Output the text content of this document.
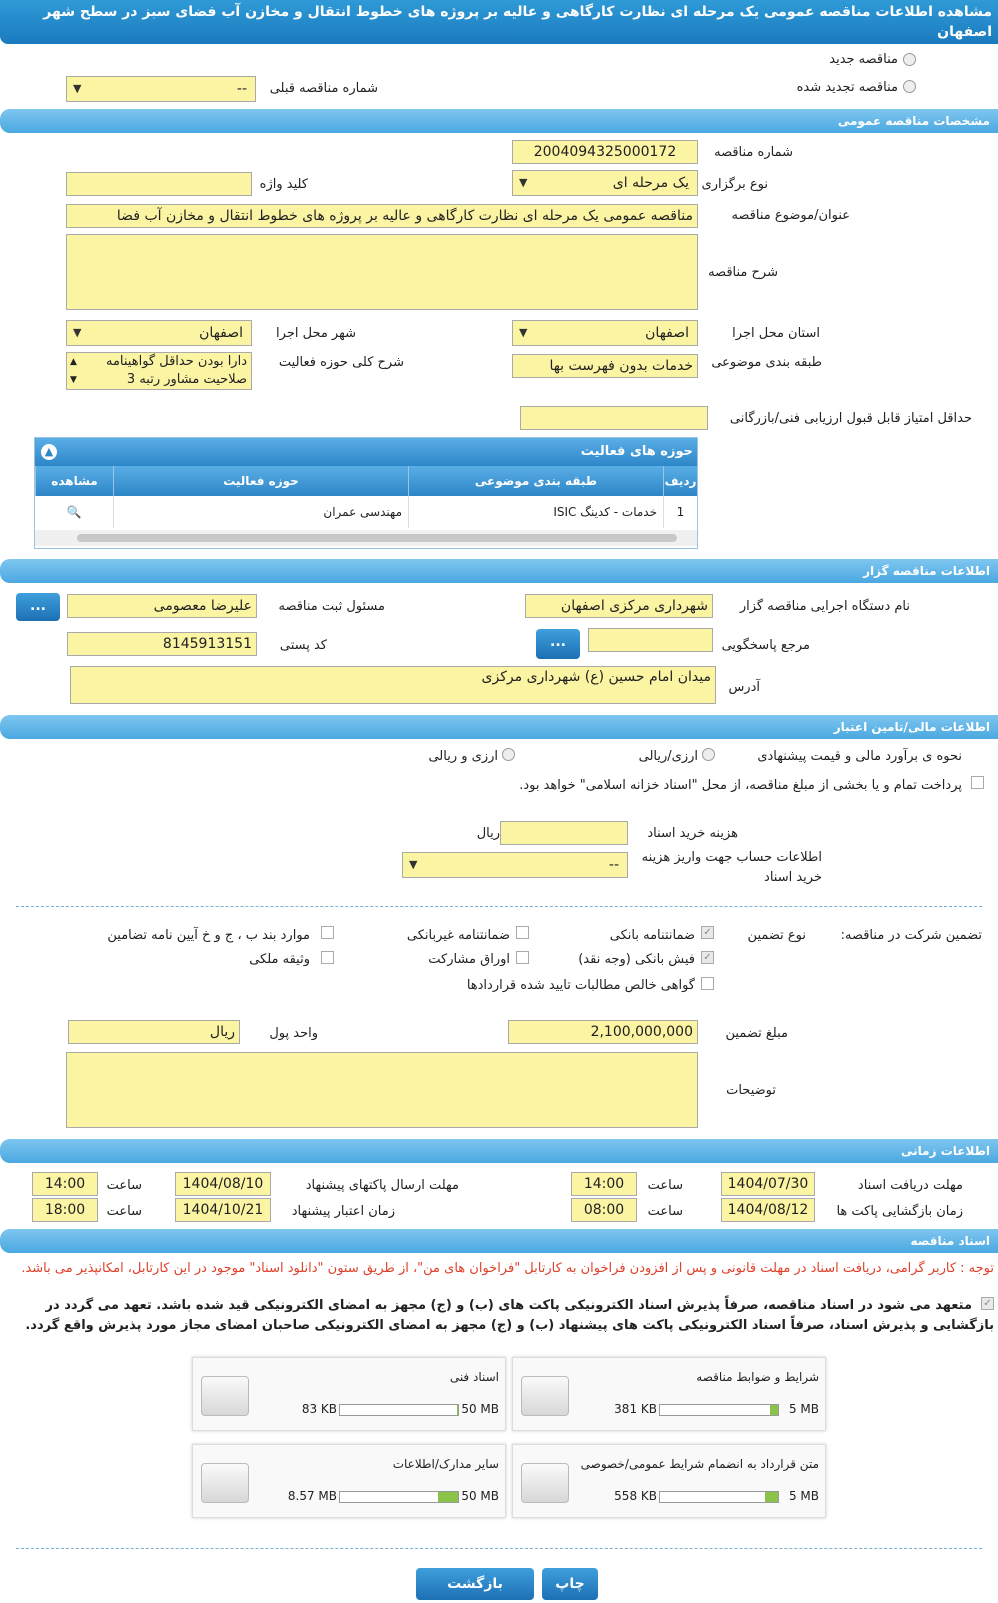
مشاهده اطلاعات مناقصه عمومی یک مرحله ای نظارت کارگاهی و عالیه بر پروژه های خطوط انتقال و مخازن آب فضای سبز در سطح شهر اصفهان
مناقصه جدید
مناقصه تجدید شده
شماره مناقصه قبلی
--
▼
مشخصات مناقصه عمومی
شماره مناقصه
2004094325000172
نوع برگزاری
یک مرحله ای
▼
کلید واژه
عنوان/موضوع مناقصه
مناقصه عمومی یک مرحله ای نظارت کارگاهی و عالیه بر پروژه های خطوط انتقال و مخازن آب فضا
شرح مناقصه
استان محل اجرا
اصفهان
▼
شهر محل اجرا
اصفهان
▼
طبقه بندی موضوعی
خدمات بدون فهرست بها
شرح کلی حوزه فعالیت
دارا بودن حداقل گواهینامه صلاحیت مشاور رتبه 3
▲
▼
حداقل امتیاز قابل قبول ارزیابی فنی/بازرگانی
حوزه های فعالیت
▲
ردیف
طبقه بندی موضوعی
حوزه فعالیت
مشاهده
1
خدمات - کدینگ ISIC
مهندسی عمران
🔍
اطلاعات مناقصه گزار
نام دستگاه اجرایی مناقصه گزار
شهرداری مرکزی اصفهان
مسئول ثبت مناقصه
علیرضا معصومی
...
مرجع پاسخگویی
...
کد پستی
8145913151
آدرس
میدان امام حسین (ع) شهرداری مرکزی
اطلاعات مالی/تامین اعتبار
نحوه ی برآورد مالی و قیمت پیشنهادی
ارزی/ریالی
ارزی و ریالی
پرداخت تمام و یا بخشی از مبلغ مناقصه، از محل "اسناد خزانه اسلامی" خواهد بود.
هزینه خرید اسناد
ریال
اطلاعات حساب جهت واریز هزینه خرید اسناد
--
▼
تضمین شرکت در مناقصه:
نوع تضمین
✓
ضمانتنامه بانکی
ضمانتنامه غیربانکی
موارد بند ب ، ج و خ آیین نامه تضامین
✓
فیش بانکی (وجه نقد)
اوراق مشارکت
وثیقه ملکی
گواهی خالص مطالبات تایید شده قراردادها
مبلغ تضمین
2,100,000,000
واحد پول
ریال
توضیحات
اطلاعات زمانی
مهلت دریافت اسناد
1404/07/30
ساعت
14:00
مهلت ارسال پاکتهای پیشنهاد
1404/08/10
ساعت
14:00
زمان بازگشایی پاکت ها
1404/08/12
ساعت
08:00
زمان اعتبار پیشنهاد
1404/10/21
ساعت
18:00
اسناد مناقصه
توجه : کاربر گرامی، دریافت اسناد در مهلت قانونی و پس از افزودن فراخوان به کارتابل "فراخوان های من"، از طریق ستون "دانلود اسناد" موجود در این کارتابل، امکانپذیر می باشد.
✓
متعهد می شود در اسناد مناقصه، صرفاً پذیرش اسناد الکترونیکی پاکت های (ب) و (ج) مجهز به امضای الکترونیکی قید شده باشد. تعهد می گردد در بازگشایی و پذیرش اسناد، صرفاً اسناد الکترونیکی پاکت های پیشنهاد (ب) و (ج) مجهز به امضای الکترونیکی صاحبان امضای مجاز مورد پذیرش واقع گردد.
شرایط و ضوابط مناقصه
5 MB
381 KB
اسناد فنی
50 MB
83 KB
متن قرارداد به انضمام شرایط عمومی/خصوصی
5 MB
558 KB
سایر مدارک/اطلاعات
50 MB
8.57 MB
چاپ
بازگشت
